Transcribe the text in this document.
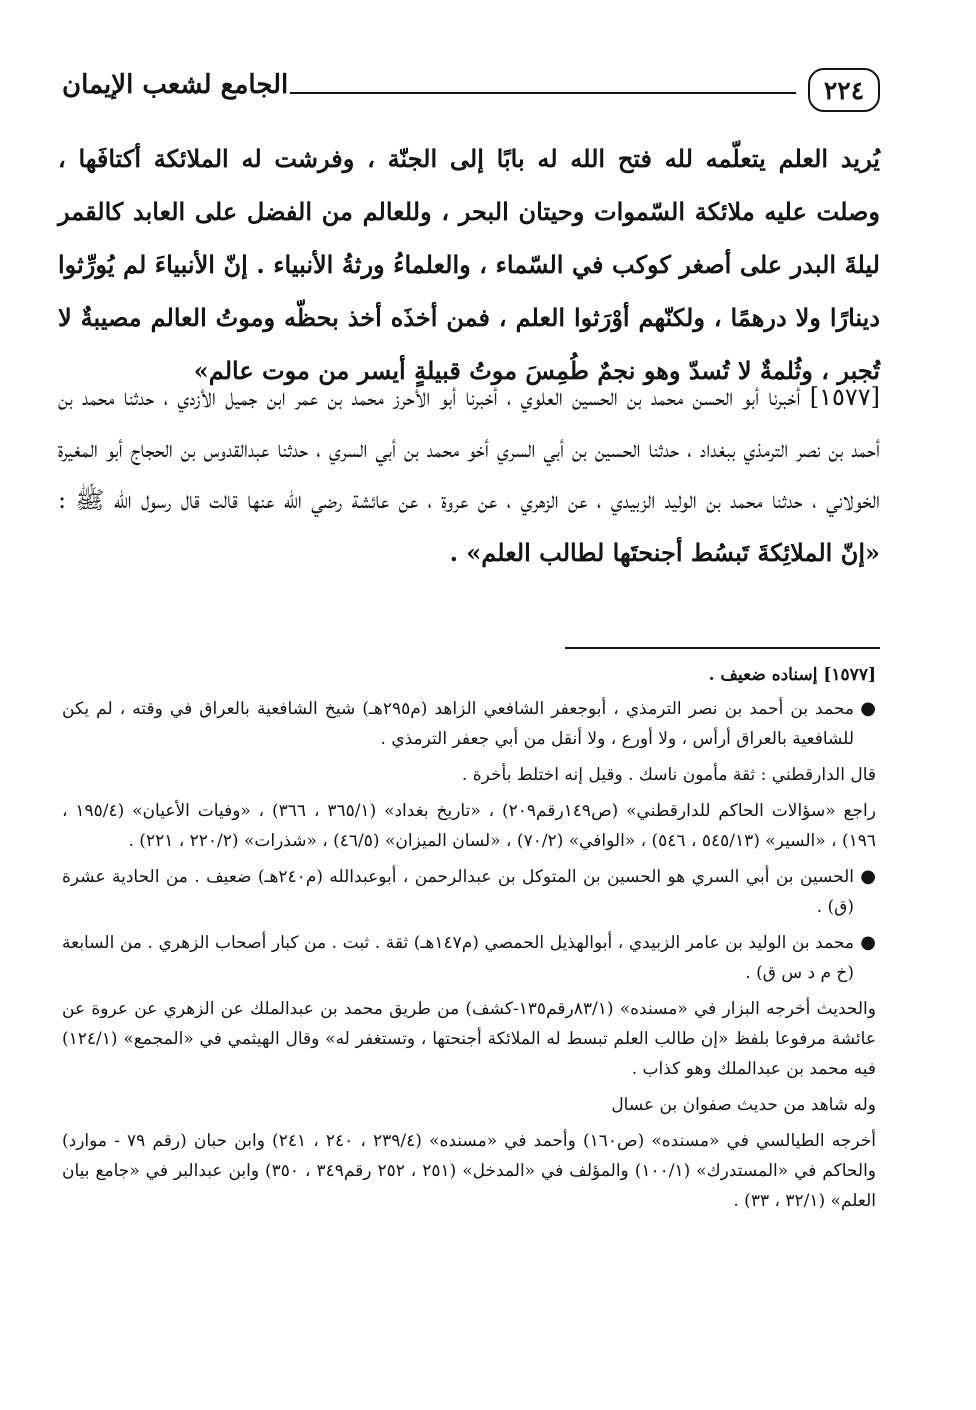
٢٢٤
الجامع لشعب الإيمان
يُريد العلم يتعلّمه لله فتح الله له بابًا إلى الجنّة ، وفرشت له الملائكة أكتافَها ، وصلت عليه ملائكة السّموات وحيتان البحر ، وللعالم من الفضل على العابد كالقمر ليلةَ البدر على أصغر كوكب في السّماء ، والعلماءُ ورثةُ الأنبياء . إنّ الأنبياءَ لم يُورِّثوا دينارًا ولا درهمًا ، ولكنّهم أوْرَثوا العلم ، فمن أخذَه أخذ بحظّه وموتُ العالم مصيبةٌ لا تُجبر ، وثُلمةٌ لا تُسدّ وهو نجمٌ طُمِسَ موتُ قبيلةٍ أيسر من موت عالم»
[١٥٧٧] أخبرنا أبو الحسن محمد بن الحسين العلوي ، أخبرنا أبو الأحرز محمد بن عمر ابن جميل الأزدي ، حدثنا محمد بن أحمد بن نصر الترمذي ببغداد ، حدثنا الحسين بن أبي السري أخو محمد بن أبي السري ، حدثنا عبدالقدوس بن الحجاج أبو المغيرة الخولاني ، حدثنا محمد بن الوليد الزبيدي ، عن الزهري ، عن عروة ، عن عائشة رضي الله عنها قالت قال رسول الله ﷺ : «إنّ الملائِكةَ تَبسُط أجنحتَها لطالب العلم» .
[١٥٧٧] إسناده ضعيف .
●
محمد بن أحمد بن نصر الترمذي ، أبوجعفر الشافعي الزاهد (م٢٩٥هـ) شيخ الشافعية بالعراق في وقته ، لم يكن للشافعية بالعراق أرأس ، ولا أورع ، ولا أنقل من أبي جعفر الترمذي .
قال الدارقطني : ثقة مأمون ناسك . وقيل إنه اختلط بأخرة .
راجع «سؤالات الحاكم للدارقطني» (ص١٤٩رقم٢٠٩) ، «تاريخ بغداد» (٣٦٥/١ ، ٣٦٦) ، «وفيات الأعيان» (١٩٥/٤ ، ١٩٦) ، «السير» (٥٤٥/١٣ ، ٥٤٦) ، «الوافي» (٧٠/٢) ، «لسان الميزان» (٤٦/٥) ، «شذرات» (٢٢٠/٢ ، ٢٢١) .
●
الحسين بن أبي السري هو الحسين بن المتوكل بن عبدالرحمن ، أبوعبدالله (م٢٤٠هـ) ضعيف . من الحادية عشرة (ق) .
●
محمد بن الوليد بن عامر الزبيدي ، أبوالهذيل الحمصي (م١٤٧هـ) ثقة . ثبت . من كبار أصحاب الزهري . من السابعة (خ م د س ق) .
والحديث أخرجه البزار في «مسنده» (٨٣/١رقم١٣٥-كشف) من طريق محمد بن عبدالملك عن الزهري عن عروة عن عائشة مرفوعا بلفظ «إن طالب العلم تبسط له الملائكة أجنحتها ، وتستغفر له» وقال الهيثمي في «المجمع» (١٢٤/١) فيه محمد بن عبدالملك وهو كذاب .
وله شاهد من حديث صفوان بن عسال
أخرجه الطيالسي في «مسنده» (ص١٦٠) وأحمد في «مسنده» (٢٣٩/٤ ، ٢٤٠ ، ٢٤١) وابن حبان (رقم ٧٩ - موارد) والحاكم في «المستدرك» (١٠٠/١) والمؤلف في «المدخل» (٢٥١ ، ٢٥٢ رقم٣٤٩ ، ٣٥٠) وابن عبدالبر في «جامع بيان العلم» (٣٢/١ ، ٣٣) .
